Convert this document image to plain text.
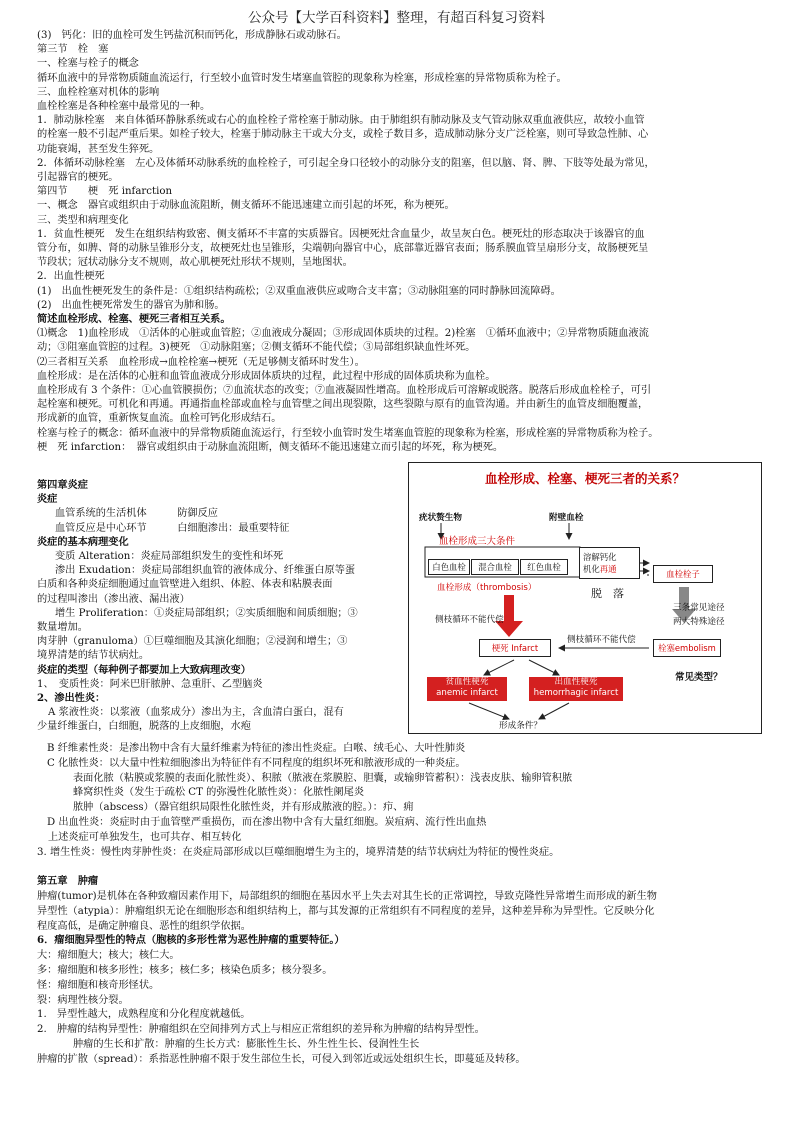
公众号【大学百科资料】整理，有超百科复习资料
(3)　钙化：旧的血栓可发生钙盐沉积而钙化，形成静脉石或动脉石。
第三节　栓　塞
一、栓塞与栓子的概念
循环血液中的异常物质随血流运行，行至较小血管时发生堵塞血管腔的现象称为栓塞，形成栓塞的异常物质称为栓子。
三、血栓栓塞对机体的影响
血栓栓塞是各种栓塞中最常见的一种。
1．肺动脉栓塞　来自体循环静脉系统或右心的血栓栓子常栓塞于肺动脉。由于肺组织有肺动脉及支气管动脉双重血液供应，故较小血管
的栓塞一般不引起严重后果。如栓子较大，栓塞于肺动脉主干或大分支，或栓子数目多，造成肺动脉分支广泛栓塞，则可导致急性肺、心
功能衰竭，甚至发生猝死。
2．体循环动脉栓塞　左心及体循环动脉系统的血栓栓子，可引起全身口径较小的动脉分支的阻塞，但以脑、肾、脾、下肢等处最为常见，
引起器官的梗死。
第四节　　梗　死 infarction
一、概念　器官或组织由于动脉血流阻断，侧支循环不能迅速建立而引起的坏死，称为梗死。
三、类型和病理变化
1．贫血性梗死　发生在组织结构致密、侧支循环不丰富的实质器官。因梗死灶含血量少，故呈灰白色。梗死灶的形态取决于该器官的血
管分布，如脾、肾的动脉呈锥形分支，故梗死灶也呈锥形，尖端朝向器官中心，底部靠近器官表面；肠系膜血管呈扇形分支，故肠梗死呈
节段状；冠状动脉分支不规则，故心肌梗死灶形状不规则，呈地图状。
2．出血性梗死
(1)　出血性梗死发生的条件是：①组织结构疏松；②双重血液供应或吻合支丰富；③动脉阻塞的同时静脉回流障碍。
(2)　出血性梗死常发生的器官为肺和肠。
简述血栓形成、栓塞、梗死三者相互关系。
⑴概念　1)血栓形成　①活体的心脏或血管腔；②血液成分凝固；③形成固体质块的过程。2)栓塞　①循环血液中；②异常物质随血液流
动；③阻塞血管腔的过程。3)梗死　①动脉阻塞；②侧支循环不能代偿；③局部组织缺血性坏死。
⑵三者相互关系　血栓形成→血栓栓塞→梗死（无足够侧支循环时发生）。
血栓形成：是在活体的心脏和血管血液成分形成固体质块的过程，此过程中形成的固体质块称为血栓。
血栓形成有 3 个条件：①心血管膜损伤；⑦血流状态的改变；⑦血液凝固性增高。血栓形成后可溶解或脱落。脱落后形成血栓栓子，可引
起栓塞和梗死。可机化和再通。再通指血栓部或血栓与血管壁之间出现裂隙，这些裂隙与原有的血管沟通。并由新生的血管皮细胞覆盖，
形成新的血管，重新恢复血流。血栓可钙化形成结石。
栓塞与栓子的概念：循环血液中的异常物质随血流运行，行至较小血管时发生堵塞血管腔的现象称为栓塞，形成栓塞的异常物质称为栓子。
梗　死 infarction：　器官或组织由于动脉血流阻断，侧支循环不能迅速建立而引起的坏死，称为梗死。
第四章炎症
炎症
血管系统的生活机体　　　防御反应
血管反应是中心环节　　　白细胞渗出：最重要特征
炎症的基本病理变化
变质 Alteration：炎症局部组织发生的变性和坏死
渗出 Exudation：炎症局部组织血管的液体成分、纤维蛋白原等蛋
白质和各种炎症细胞通过血管壁进入组织、体腔、体表和粘膜表面
的过程叫渗出（渗出液、漏出液）
增生 Proliferation：①炎症局部组织；②实质细胞和间质细胞；③
数量增加。
肉芽肿（granuloma）①巨噬细胞及其演化细胞；②浸润和增生；③
境界清楚的结节状病灶。
炎症的类型（每种例子都要加上大致病理改变）
1、　变质性炎：阿米巴肝脓肿、急重肝、乙型脑炎
2、渗出性炎：
A 浆液性炎：以浆液（血浆成分）渗出为主，含血清白蛋白，混有
少量纤维蛋白，白细胞，脱落的上皮细胞，水疱
B 纤维素性炎：是渗出物中含有大量纤维素为特征的渗出性炎症。白喉、绒毛心、大叶性肺炎
C 化脓性炎：以大量中性粒细胞渗出为特征伴有不同程度的组织坏死和脓液形成的一种炎症。
表面化脓（粘膜或浆膜的表面化脓性炎）、积脓（脓液在浆膜腔、胆囊，或输卵管蓄积）：浅表皮肤、输卵管积脓
蜂窝织性炎（发生于疏松 CT 的弥漫性化脓性炎）：化脓性阑尾炎
脓肿（abscess）（器官组织局限性化脓性炎，并有形成脓液的腔。）：疖、痈
D 出血性炎：炎症时由于血管壁严重损伤，而在渗出物中含有大量红细胞。炭疽病、流行性出血热
上述炎症可单独发生，也可共存、相互转化
3. 增生性炎：慢性肉芽肿性炎：在炎症局部形成以巨噬细胞增生为主的，境界清楚的结节状病灶为特征的慢性炎症。
第五章　肿瘤
肿瘤(tumor)是机体在各种致瘤因素作用下，局部组织的细胞在基因水平上失去对其生长的正常调控，导致克隆性异常增生而形成的新生物
异型性（atypia）：肿瘤组织无论在细胞形态和组织结构上，都与其发源的正常组织有不同程度的差异，这种差异称为异型性。它反映分化
程度高低，是确定肿瘤良、恶性的组织学依据。
6．瘤细胞异型性的特点（胞核的多形性常为恶性肿瘤的重要特征。）
大：瘤细胞大；核大；核仁大。
多：瘤细胞和核多形性；核多；核仁多；核染色质多；核分裂多。
怪：瘤细胞和核奇形怪状。
裂：病理性核分裂。
1.　异型性越大，成熟程度和分化程度就越低。
2.　肿瘤的结构异型性：肿瘤组织在空间排列方式上与相应正常组织的差异称为肿瘤的结构异型性。
肿瘤的生长和扩散：肿瘤的生长方式：膨胀性生长、外生性生长、侵润性生长
肿瘤的扩散（spread）：系指恶性肿瘤不限于发生部位生长，可侵入到邻近或远处组织生长，即蔓延及转移。
血栓形成、栓塞、梗死三者的关系？
疣状赘生物	附壁血栓
血栓形成三大条件
白色血栓	混合血栓	红色血栓
血栓形成（thrombosis）
溶解钙化
机化再通
脱　落
血栓栓子
三条常见途径
两大特殊途径
侧枝循环不能代偿
侧枝循环不能代偿
梗死 Infarct	栓塞embolism
贫血性梗死
anemic infarct
出血性梗死
hemorrhagic infarct
常见类型？
形成条件？
